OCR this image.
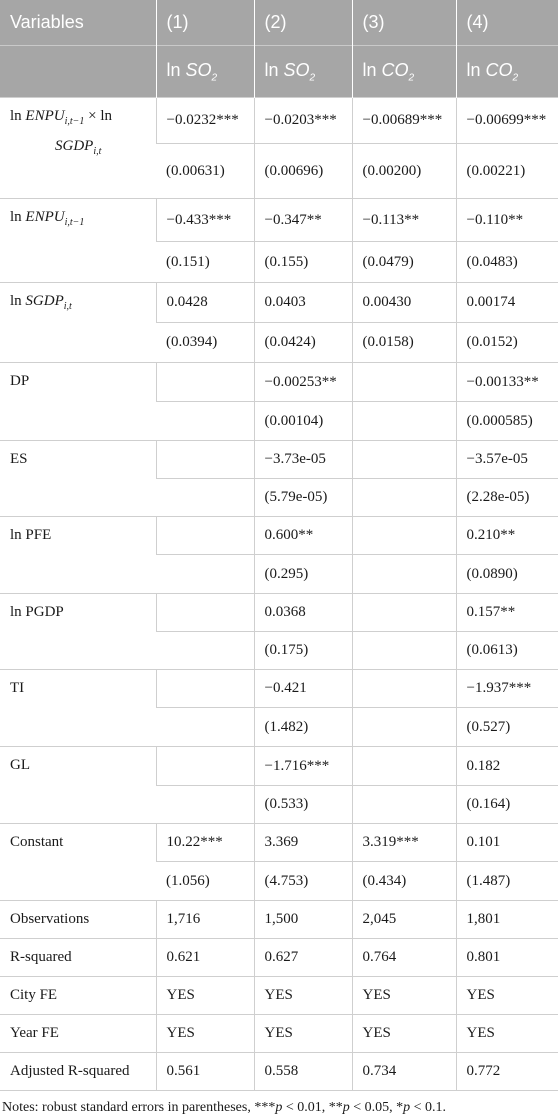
Variables	(1)	(2)	(3)	(4)
	$\ln SO_2$	$\ln SO_2$	$\ln CO_2$	$\ln CO_2$
$\ln ENPU_{i,t-1} \times \ln$
$SGDP_{i,t}$	−0.0232***	−0.0203***	−0.00689***	−0.00699***
	(0.00631)	(0.00696)	(0.00200)	(0.00221)
$\ln ENPU_{i,t-1}$	−0.433***	−0.347**	−0.113**	−0.110**
	(0.151)	(0.155)	(0.0479)	(0.0483)
$\ln SGDP_{i,t}$	0.0428	0.0403	0.00430	0.00174
	(0.0394)	(0.0424)	(0.0158)	(0.0152)
DP		−0.00253**		−0.00133**
		(0.00104)		(0.000585)
ES		−3.73e-05		−3.57e-05
		(5.79e-05)		(2.28e-05)
ln PFE		0.600**		0.210**
		(0.295)		(0.0890)
ln PGDP		0.0368		0.157**
		(0.175)		(0.0613)
TI		−0.421		−1.937***
		(1.482)		(0.527)
GL		−1.716***		0.182
		(0.533)		(0.164)
Constant	10.22***	3.369	3.319***	0.101
	(1.056)	(4.753)	(0.434)	(1.487)
Observations	1,716	1,500	2,045	1,801
R-squared	0.621	0.627	0.764	0.801
City FE	YES	YES	YES	YES
Year FE	YES	YES	YES	YES
Adjusted R-squared	0.561	0.558	0.734	0.772
Notes: robust standard errors in parentheses, ***p < 0.01, **p < 0.05, *p < 0.1.
